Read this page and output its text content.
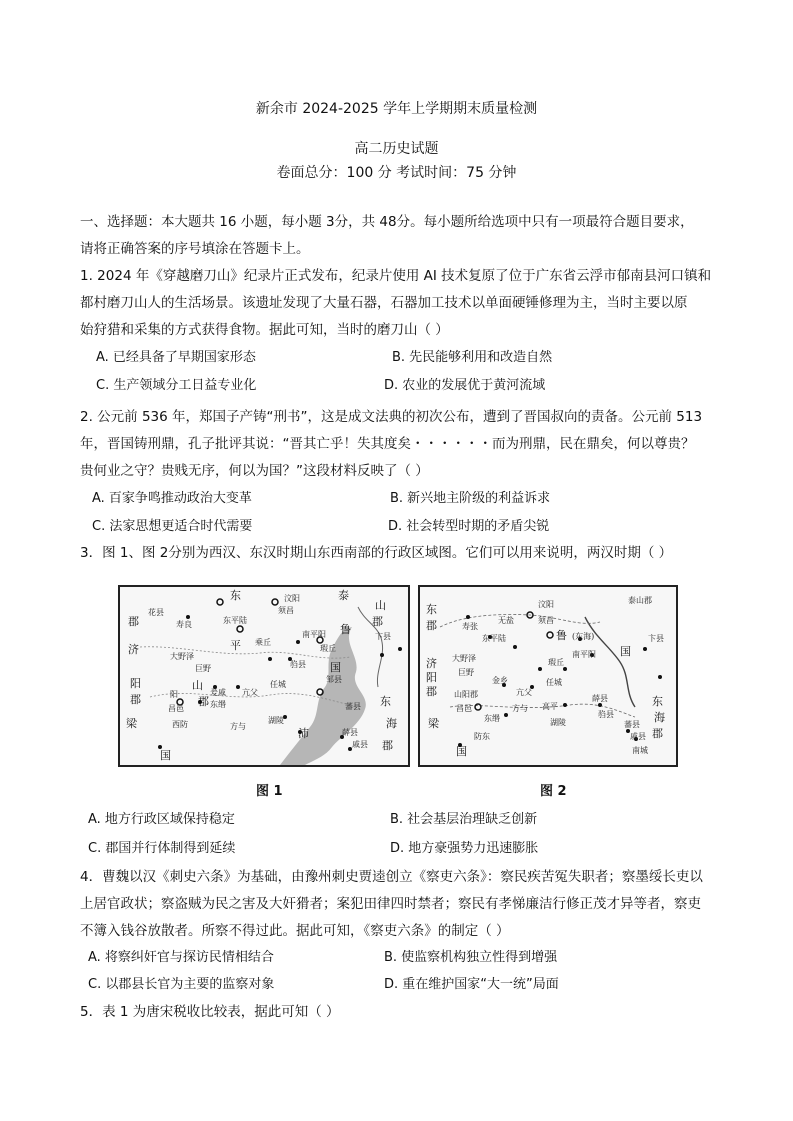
新余市 2024-2025 学年上学期期末质量检测
高二历史试题
卷面总分：100 分 考试时间：75 分钟
一、选择题：本大题共 16 小题，每小题 3分，共 48分。每小题所给选项中只有一项最符合题目要求，
请将正确答案的序号填涂在答题卡上。
1. 2024 年《穿越磨刀山》纪录片正式发布，纪录片使用 AI 技术复原了位于广东省云浮市郁南县河口镇和
都村磨刀山人的生活场景。该遗址发现了大量石器，石器加工技术以单面硬锤修理为主，当时主要以原
始狩猎和采集的方式获得食物。据此可知，当时的磨刀山（ ）
A. 已经具备了早期国家形态	B. 先民能够利用和改造自然
C. 生产领域分工日益专业化	D. 农业的发展优于黄河流域
2. 公元前 536 年，郑国子产铸“刑书”，这是成文法典的初次公布，遭到了晋国叔向的责备。公元前 513
年，晋国铸刑鼎，孔子批评其说：“晋其亡乎！失其度矣・・・・・・而为刑鼎，民在鼎矣，何以尊贵？
贵何业之守？贵贱无序，何以为国？”这段材料反映了（ ）
A. 百家争鸣推动政治大变革	B. 新兴地主阶级的利益诉求
C. 法家思想更适合时代需要	D. 社会转型时期的矛盾尖锐
3．图 1、图 2分别为西汉、东汉时期山东西南部的行政区域图。它们可以用来说明，两汉时期（ ）
东	泰
山
郡
花县
寿良	东平陆
须昌
汶阳
鲁
卞县
济
郡
阳
郡
梁
国
大野泽
巨野
平
山
阳
郡
昌邑
西防
爰戚
东缗
方与
任城
亢父
湖陵
沛	薛县
戚县
蕃县 东
海
郡
邹县
南平阳
瑕丘
乘丘
国
驺县
泰山郡
东
郡	寿张
东平陆
无盐
汶阳
须昌
鲁 (东海)	卞县
济
阳
郡
大野泽
巨野
瑕丘
南平阳
金乡
亢父
任城
山阳郡
昌邑
东缗
方与 高平
湖陵
薛县
戚县
蕃县
东
海
郡
梁
国
防东
国
驺县
南城
图 1	图 2
A. 地方行政区域保持稳定	B. 社会基层治理缺乏创新
C. 郡国并行体制得到延续	D. 地方豪强势力迅速膨胀
4．曹魏以汉《刺史六条》为基础，由豫州刺史贾逵创立《察吏六条》：察民疾苦冤失职者；察墨绥长吏以
上居官政状；察盗贼为民之害及大奸猾者；案犯田律四时禁者；察民有孝悌廉洁行修正茂才异等者，察吏
不簿入钱谷放散者。所察不得过此。据此可知，《察吏六条》的制定（ ）
A. 将察纠奸官与探访民情相结合	B. 使监察机构独立性得到增强
C. 以郡县长官为主要的监察对象	D. 重在维护国家“大一统”局面
5．表 1 为唐宋税收比较表，据此可知（ ）
